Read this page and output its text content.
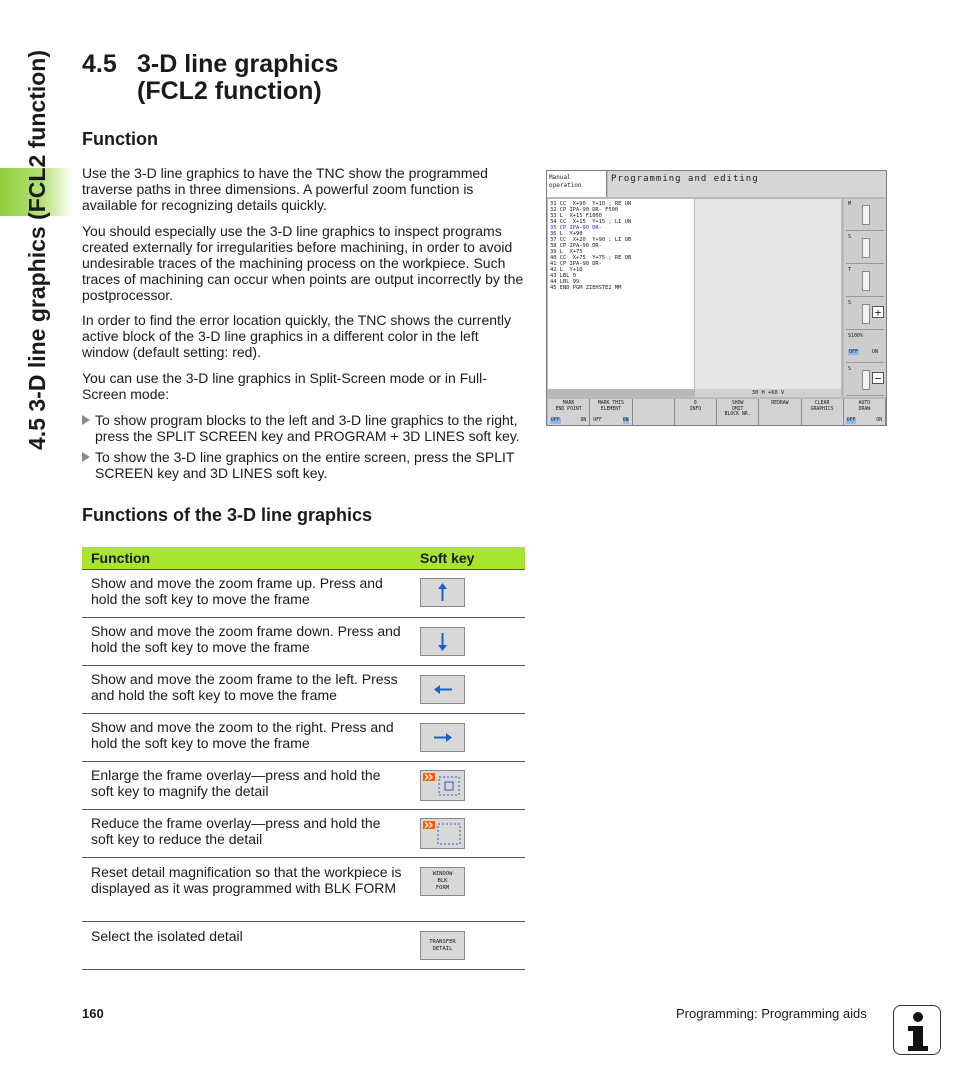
4.5 3-D line graphics (FCL2 function)	4.5 3-D line graphics
(FCL2 function)
Function

Use the 3-D line graphics to have the TNC show the programmed traverse paths in three dimensions. A powerful zoom function is available for recognizing details quickly.

You should especially use the 3-D line graphics to inspect programs created externally for irregularities before machining, in order to avoid undesirable traces of the machining process on the workpiece. Such traces of machining can occur when points are output incorrectly by the postprocessor.

In order to find the error location quickly, the TNC shows the currently active block of the 3-D line graphics in a different color in the left window (default setting: red).

You can use the 3-D line graphics in Split-Screen mode or in Full-Screen mode:

To show program blocks to the left and 3-D line graphics to the right, press the SPLIT SCREEN key and PROGRAM + 3D LINES soft key.
To show the 3-D line graphics on the entire screen, press the SPLIT SCREEN key and 3D LINES soft key.
Functions of the 3-D line graphics
Function	Soft key
Show and move the zoom frame up. Press and hold the soft key to move the frame
Show and move the zoom frame down. Press and hold the soft key to move the frame
Show and move the zoom frame to the left. Press and hold the soft key to move the frame
Show and move the zoom to the right. Press and hold the soft key to move the frame
Enlarge the frame overlay—press and hold the soft key to magnify the detail
Reduce the frame overlay—press and hold the soft key to reduce the detail
Reset detail magnification so that the workpiece is displayed as it was programmed with BLK FORM
WINDOW
BLK
FORM
Select the isolated detail	TRANSFER
DETAIL
Manual
operation
Programming and editing
31 CC  X+90  Y+10 ; RE UN
32 CP IPA-90 DR- F500
33 L  X+15 F1000
34 CC  X+15  Y+15 ; LI UN
35 CP IPA-90 DR-
36 L  Y+90
37 CC  X+20  Y+90 ; LI OB
38 CP IPA-90 DR-
39 L  X+75
40 CC  X+75  Y+75 ; RE OB
41 CP IPA-90 DR-
42 L  Y+10
43 LBL 0
44 LBL 99
45 END PGM ZIEHSTE2 MM
30 H +60 V
M
S
T
S
+
S100%
OFF	ON
S
−
MARK
END POINT
OFF	ON
MARK THIS
ELEMENT
OFF	ON
0
INFO
SHOW
OMIT
BLOCK NR.
REDRAW	CLEAR
GRAPHICS
AUTO
DRAW
OFF	ON
160	Programming: Programming aids
